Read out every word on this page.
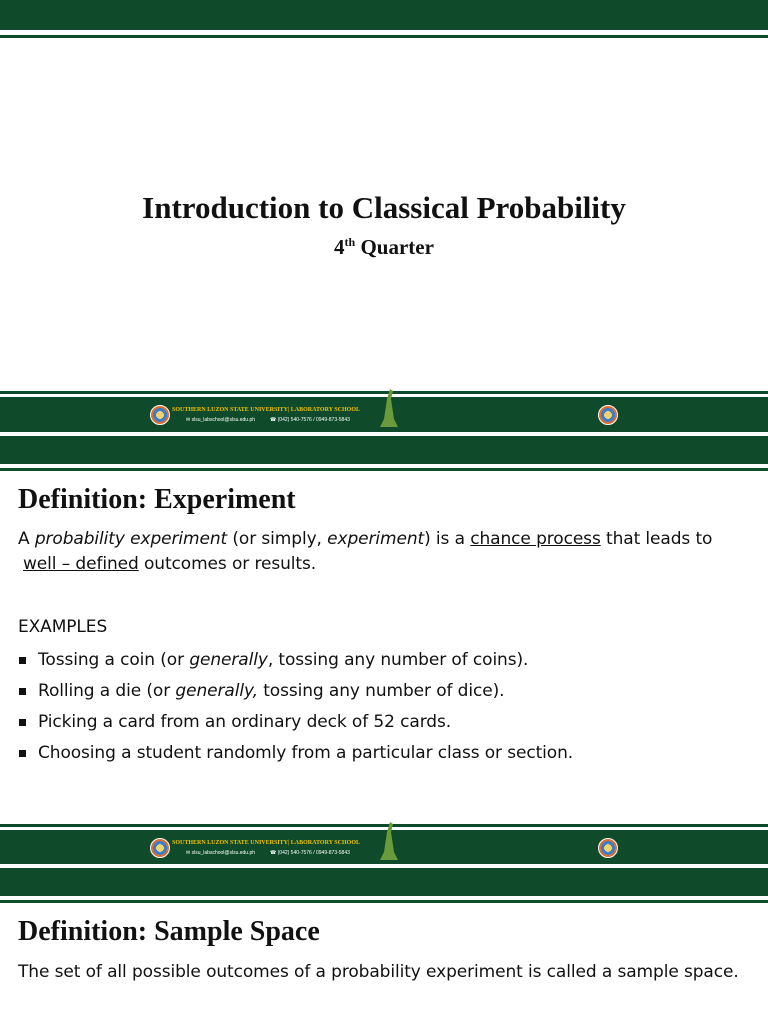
Introduction to Classical Probability
4th Quarter
SOUTHERN LUZON STATE UNIVERSITY| LABORATORY SCHOOL
✉ slsu_labschool@slsu.edu.ph	☎ (042) 540-7576 / 0949-873-5843
Definition: Experiment
A probability experiment (or simply, experiment) is a chance process that leads to
well – defined outcomes or results.
EXAMPLES
Tossing a coin (or generally, tossing any number of coins).
Rolling a die (or generally, tossing any number of dice).
Picking a card from an ordinary deck of 52 cards.
Choosing a student randomly from a particular class or section.
SOUTHERN LUZON STATE UNIVERSITY| LABORATORY SCHOOL
✉ slsu_labschool@slsu.edu.ph	☎ (042) 540-7576 / 0949-873-5843
Definition: Sample Space
The set of all possible outcomes of a probability experiment is called a sample space.
